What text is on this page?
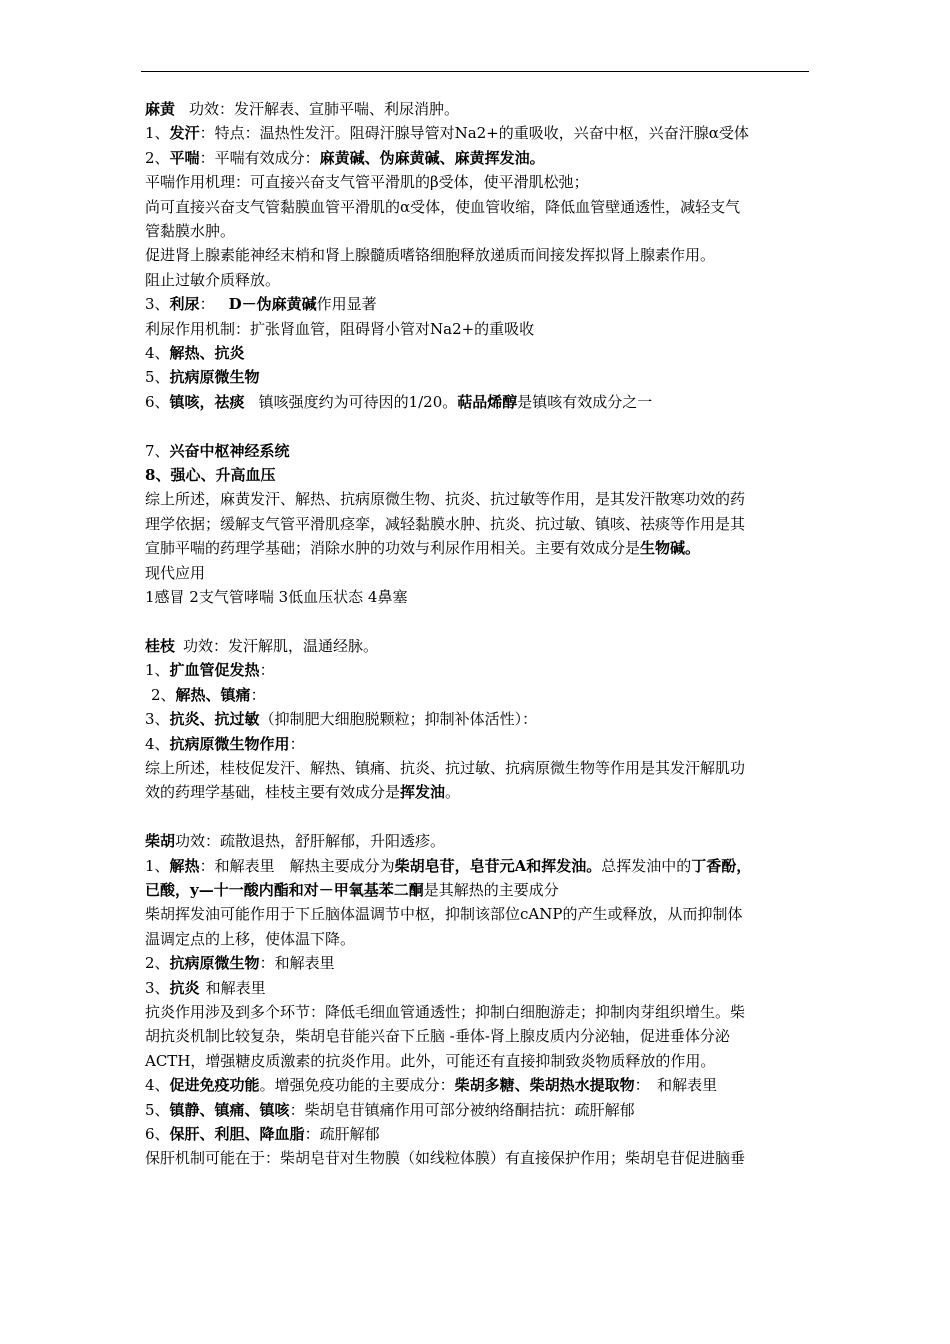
麻黄 功效：发汗解表、宣肺平喘、利尿消肿。
1、发汗：特点：温热性发汗。阻碍汗腺导管对Na2+的重吸收，兴奋中枢，兴奋汗腺α受体
2、平喘：平喘有效成分：麻黄碱、伪麻黄碱、麻黄挥发油。
平喘作用机理：可直接兴奋支气管平滑肌的β受体，使平滑肌松弛；
尚可直接兴奋支气管黏膜血管平滑肌的α受体，使血管收缩，降低血管壁通透性，减轻支气
管黏膜水肿。
促进肾上腺素能神经末梢和肾上腺髓质嗜铬细胞释放递质而间接发挥拟肾上腺素作用。
阻止过敏介质释放。
3、利尿： D－伪麻黄碱作用显著
利尿作用机制：扩张肾血管，阻碍肾小管对Na2+的重吸收
4、解热、抗炎
5、抗病原微生物
6、镇咳，祛痰 镇咳强度约为可待因的1/20。萜品烯醇是镇咳有效成分之一
7、兴奋中枢神经系统
8、强心、升高血压
综上所述，麻黄发汗、解热、抗病原微生物、抗炎、抗过敏等作用，是其发汗散寒功效的药
理学依据；缓解支气管平滑肌痉挛，减轻黏膜水肿、抗炎、抗过敏、镇咳、祛痰等作用是其
宣肺平喘的药理学基础；消除水肿的功效与利尿作用相关。主要有效成分是生物碱。
现代应用
1感冒 2支气管哮喘 3低血压状态 4鼻塞
桂枝 功效：发汗解肌，温通经脉。
1、扩血管促发热：
2、解热、镇痛：
3、抗炎、抗过敏（抑制肥大细胞脱颗粒；抑制补体活性）：
4、抗病原微生物作用：
综上所述，桂枝促发汗、解热、镇痛、抗炎、抗过敏、抗病原微生物等作用是其发汗解肌功
效的药理学基础，桂枝主要有效成分是挥发油。
柴胡功效：疏散退热，舒肝解郁，升阳透疹。
1、解热：和解表里　解热主要成分为柴胡皂苷，皂苷元A和挥发油。总挥发油中的丁香酚，
已酸，y—十一酸内酯和对－甲氧基苯二酮是其解热的主要成分
柴胡挥发油可能作用于下丘脑体温调节中枢，抑制该部位cANP的产生或释放，从而抑制体
温调定点的上移，使体温下降。
2、抗病原微生物：和解表里
3、抗炎 和解表里
抗炎作用涉及到多个环节：降低毛细血管通透性；抑制白细胞游走；抑制肉芽组织增生。柴
胡抗炎机制比较复杂，柴胡皂苷能兴奋下丘脑 -垂体-肾上腺皮质内分泌轴，促进垂体分泌
ACTH，增强糖皮质激素的抗炎作用。此外，可能还有直接抑制致炎物质释放的作用。
4、促进免疫功能。增强免疫功能的主要成分：柴胡多糖、柴胡热水提取物：　和解表里
5、镇静、镇痛、镇咳：柴胡皂苷镇痛作用可部分被纳络酮拮抗：疏肝解郁
6、保肝、利胆、降血脂：疏肝解郁
保肝机制可能在于：柴胡皂苷对生物膜（如线粒体膜）有直接保护作用；柴胡皂苷促进脑垂
